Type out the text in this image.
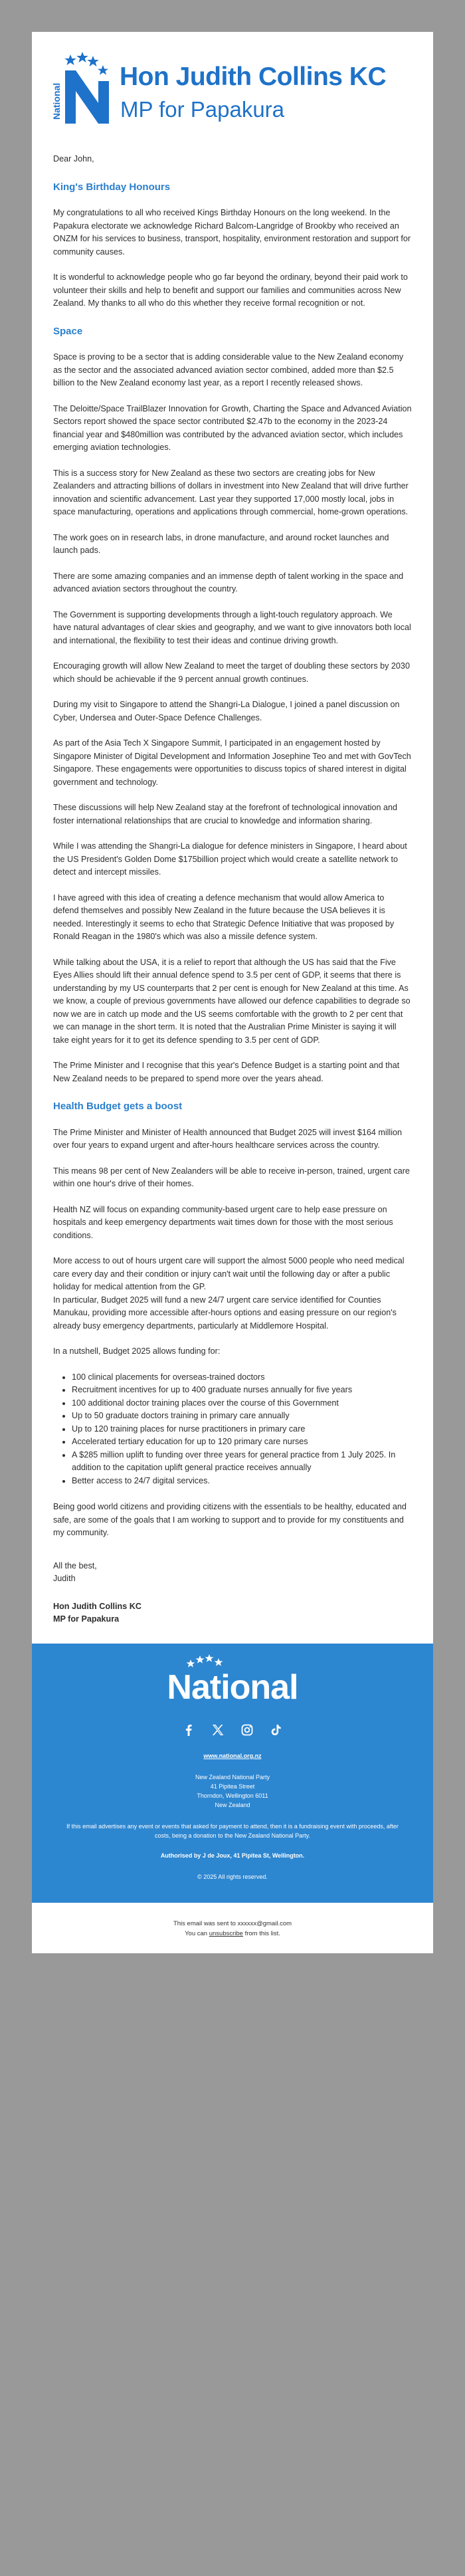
National
Hon Judith Collins KC
MP for Papakura

Dear John,

King's Birthday Honours

My congratulations to all who received Kings Birthday Honours on the long weekend. In the Papakura electorate we acknowledge Richard Balcom-Langridge of Brookby who received an ONZM for his services to business, transport, hospitality, environment restoration and support for community causes.

It is wonderful to acknowledge people who go far beyond the ordinary, beyond their paid work to volunteer their skills and help to benefit and support our families and communities across New Zealand. My thanks to all who do this whether they receive formal recognition or not.

Space

Space is proving to be a sector that is adding considerable value to the New Zealand economy as the sector and the associated advanced aviation sector combined, added more than $2.5 billion to the New Zealand economy last year, as a report I recently released shows.

The Deloitte/Space TrailBlazer Innovation for Growth, Charting the Space and Advanced Aviation Sectors report showed the space sector contributed $2.47b to the economy in the 2023-24 financial year and $480million was contributed by the advanced aviation sector, which includes emerging aviation technologies.

This is a success story for New Zealand as these two sectors are creating jobs for New Zealanders and attracting billions of dollars in investment into New Zealand that will drive further innovation and scientific advancement. Last year they supported 17,000 mostly local, jobs in space manufacturing, operations and applications through commercial, home-grown operations.

The work goes on in research labs, in drone manufacture, and around rocket launches and launch pads.

There are some amazing companies and an immense depth of talent working in the space and advanced aviation sectors throughout the country.

The Government is supporting developments through a light-touch regulatory approach. We have natural advantages of clear skies and geography, and we want to give innovators both local and international, the flexibility to test their ideas and continue driving growth.

Encouraging growth will allow New Zealand to meet the target of doubling these sectors by 2030 which should be achievable if the 9 percent annual growth continues.

During my visit to Singapore to attend the Shangri-La Dialogue, I joined a panel discussion on Cyber, Undersea and Outer-Space Defence Challenges.

As part of the Asia Tech X Singapore Summit, I participated in an engagement hosted by Singapore Minister of Digital Development and Information Josephine Teo and met with GovTech Singapore. These engagements were opportunities to discuss topics of shared interest in digital government and technology.

These discussions will help New Zealand stay at the forefront of technological innovation and foster international relationships that are crucial to knowledge and information sharing.

While I was attending the Shangri-La dialogue for defence ministers in Singapore, I heard about the US President's Golden Dome $175billion project which would create a satellite network to detect and intercept missiles.

I have agreed with this idea of creating a defence mechanism that would allow America to defend themselves and possibly New Zealand in the future because the USA believes it is needed. Interestingly it seems to echo that Strategic Defence Initiative that was proposed by Ronald Reagan in the 1980's which was also a missile defence system.

While talking about the USA, it is a relief to report that although the US has said that the Five Eyes Allies should lift their annual defence spend to 3.5 per cent of GDP, it seems that there is understanding by my US counterparts that 2 per cent is enough for New Zealand at this time. As we know, a couple of previous governments have allowed our defence capabilities to degrade so now we are in catch up mode and the US seems comfortable with the growth to 2 per cent that we can manage in the short term. It is noted that the Australian Prime Minister is saying it will take eight years for it to get its defence spending to 3.5 per cent of GDP.

The Prime Minister and I recognise that this year's Defence Budget is a starting point and that New Zealand needs to be prepared to spend more over the years ahead.

Health Budget gets a boost

The Prime Minister and Minister of Health announced that Budget 2025 will invest $164 million over four years to expand urgent and after-hours healthcare services across the country.

This means 98 per cent of New Zealanders will be able to receive in-person, trained, urgent care within one hour's drive of their homes.

Health NZ will focus on expanding community-based urgent care to help ease pressure on hospitals and keep emergency departments wait times down for those with the most serious conditions.

More access to out of hours urgent care will support the almost 5000 people who need medical care every day and their condition or injury can't wait until the following day or after a public holiday for medical attention from the GP.

In particular, Budget 2025 will fund a new 24/7 urgent care service identified for Counties Manukau, providing more accessible after-hours options and easing pressure on our region's already busy emergency departments, particularly at Middlemore Hospital.

In a nutshell, Budget 2025 allows funding for:

• 100 clinical placements for overseas-trained doctors
• Recruitment incentives for up to 400 graduate nurses annually for five years
• 100 additional doctor training places over the course of this Government
• Up to 50 graduate doctors training in primary care annually
• Up to 120 training places for nurse practitioners in primary care
• Accelerated tertiary education for up to 120 primary care nurses
• A $285 million uplift to funding over three years for general practice from 1 July 2025. In addition to the capitation uplift general practice receives annually
• Better access to 24/7 digital services.

Being good world citizens and providing citizens with the essentials to be healthy, educated and safe, are some of the goals that I am working to support and to provide for my constituents and my community.

All the best,
Judith
Hon Judith Collins KC
MP for Papakura
National
www.national.org.nz
New Zealand National Party
41 Pipitea Street
Thorndon, Wellington 6011
New Zealand
If this email advertises any event or events that asked for payment to attend, then it is a fundraising event with proceeds, after costs, being a donation to the New Zealand National Party.
Authorised by J de Joux, 41 Pipitea St, Wellington.
© 2025 All rights reserved.
This email was sent to xxxxxx@gmail.com
You can unsubscribe from this list.
